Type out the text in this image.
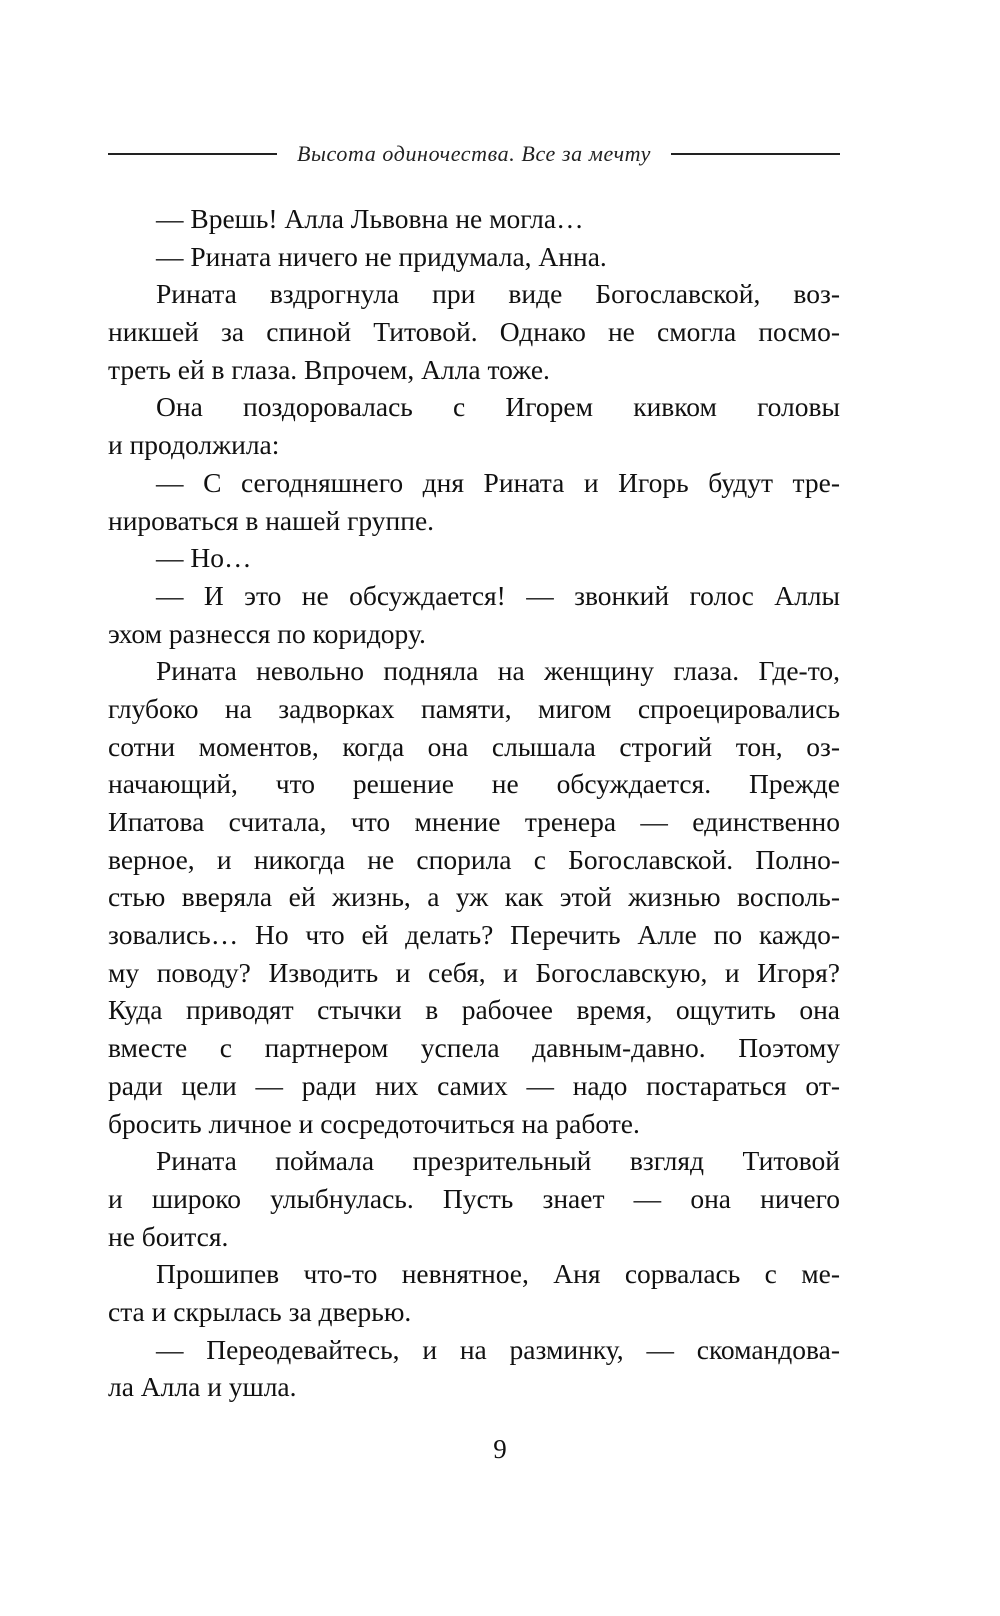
Высота одиночества. Все за мечту
— Врешь! Алла Львовна не могла…
— Рината ничего не придумала, Анна.
Рината вздрогнула при виде Богославской, воз-
никшей за спиной Титовой. Однако не смогла посмо-
треть ей в глаза. Впрочем, Алла тоже.
Она поздоровалась с Игорем кивком головы
и продолжила:
— С сегодняшнего дня Рината и Игорь будут тре-
нироваться в нашей группе.
— Но…
— И это не обсуждается! — звонкий голос Аллы
эхом разнесся по коридору.
Рината невольно подняла на женщину глаза. Где-то,
глубоко на задворках памяти, мигом спроецировались
сотни моментов, когда она слышала строгий тон, оз-
начающий, что решение не обсуждается. Прежде
Ипатова считала, что мнение тренера — единственно
верное, и никогда не спорила с Богославской. Полно-
стью вверяла ей жизнь, а уж как этой жизнью восполь-
зовались… Но что ей делать? Перечить Алле по каждо-
му поводу? Изводить и себя, и Богославскую, и Игоря?
Куда приводят стычки в рабочее время, ощутить она
вместе с партнером успела давным-давно. Поэтому
ради цели — ради них самих — надо постараться от-
бросить личное и сосредоточиться на работе.
Рината поймала презрительный взгляд Титовой
и широко улыбнулась. Пусть знает — она ничего
не боится.
Прошипев что-то невнятное, Аня сорвалась с ме-
ста и скрылась за дверью.
— Переодевайтесь, и на разминку, — скомандова-
ла Алла и ушла.
9
